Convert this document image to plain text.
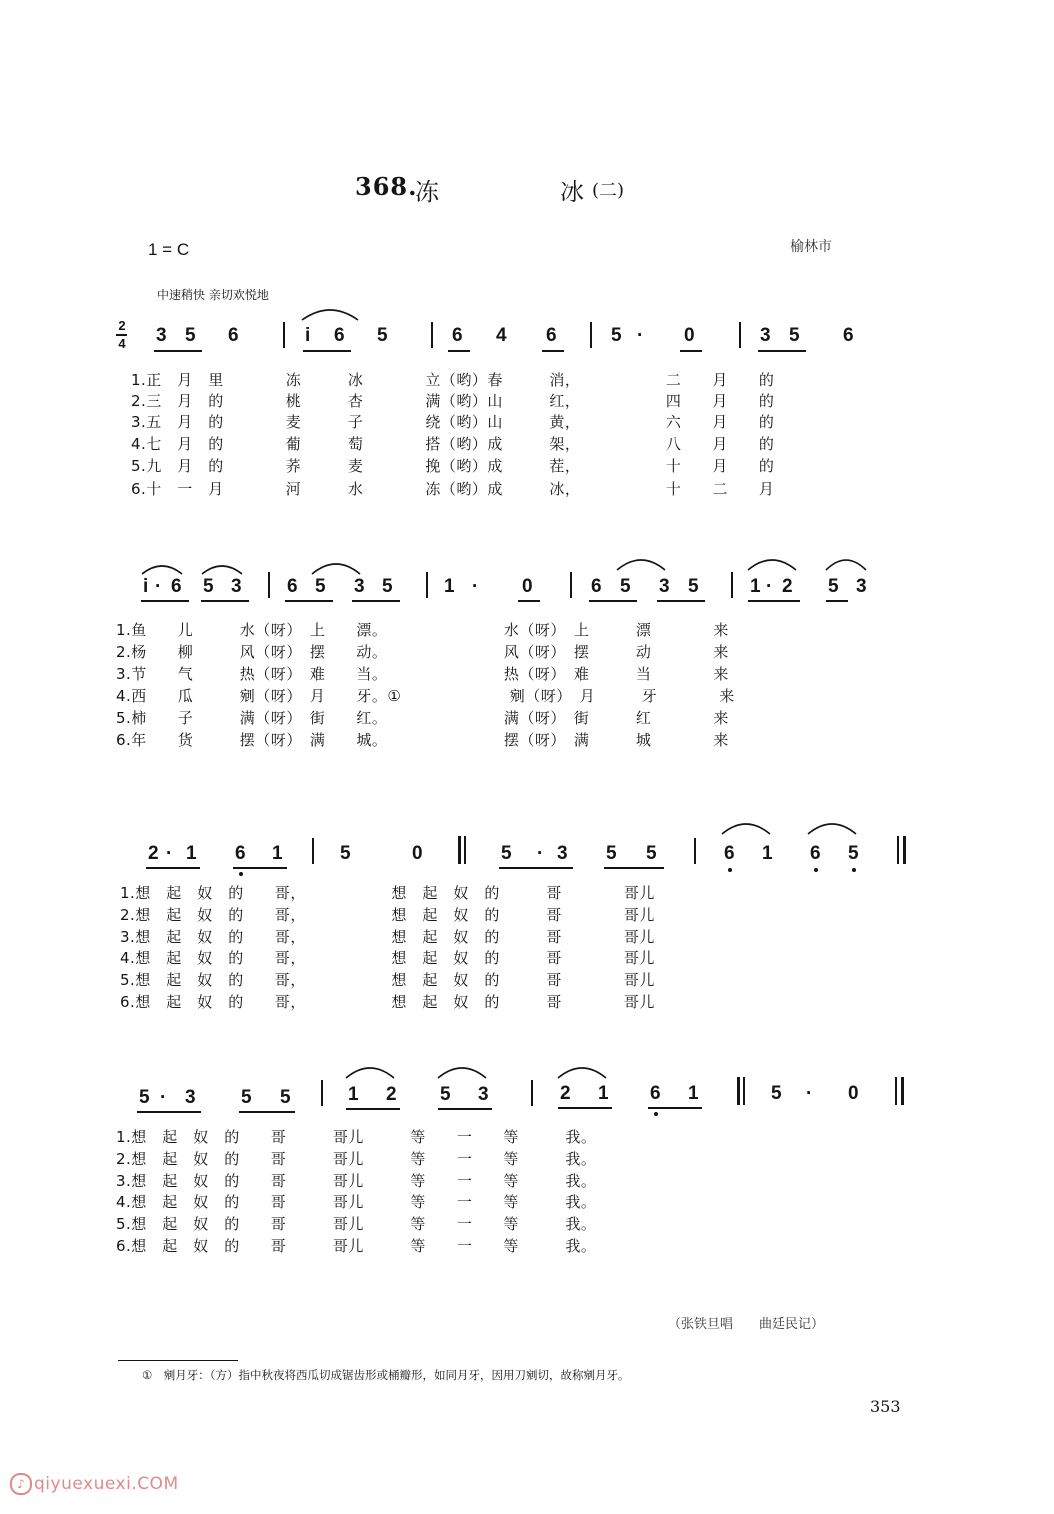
368.
冻	冰 (二)
1 = C	榆林市
中速稍快 亲切欢悦地
2
4 3 5 6	i 6 5	6 4 6	5 · 0	3 5 6
1.正　月　里　　　　冻　　　冰　　　　立（哟）春　　　消，　　　　　　二　　月　　的
2.三　月　的　　　　桃　　　杏　　　　满（哟）山　　　红，　　　　　　四　　月　　的
3.五　月　的　　　　麦　　　子　　　　绕（哟）山　　　黄，　　　　　　六　　月　　的
4.七　月　的　　　　葡　　　萄　　　　搭（哟）成　　　架，　　　　　　八　　月　　的
5.九　月　的　　　　荞　　　麦　　　　挽（哟）成　　　茬，　　　　　　十　　月　　的
6.十　一　月　　　　河　　　水　　　　冻（哟）成　　　冰，　　　　　　十　　二　　月
i · 6 5 3 6 5 3 5	1 · 0	6 5 3 5	1 · 2 5 3
1.鱼　　儿　　　水（呀）　上　　漂。　　　　　　　　水（呀）　上　　　漂　　　　来
2.杨　　柳　　　风（呀）　摆　　动。　　　　　　　　风（呀）　摆　　　动　　　　来
3.节　　气　　　热（呀）　难　　当。　　　　　　　　热（呀）　难　　　当　　　　来
4.西　　瓜　　　剜（呀）　月　　牙。①　　　　　　　剜（呀）　月　　　牙　　　　来
5.柿　　子　　　满（呀）　街　　红。　　　　　　　　满（呀）　街　　　红　　　　来
6.年　　货　　　摆（呀）　满　　城。　　　　　　　　摆（呀）　满　　　城　　　　来
2 · 1 6 1	5	0	5 · 3 5 5	6 1 6 5
1.想　起　奴　的　　哥，　　　　　　想　起　奴　的　　　哥　　　　哥儿
2.想　起　奴　的　　哥，　　　　　　想　起　奴　的　　　哥　　　　哥儿
3.想　起　奴　的　　哥，　　　　　　想　起　奴　的　　　哥　　　　哥儿
4.想　起　奴　的　　哥，　　　　　　想　起　奴　的　　　哥　　　　哥儿
5.想　起　奴　的　　哥，　　　　　　想　起　奴　的　　　哥　　　　哥儿
6.想　起　奴　的　　哥，　　　　　　想　起　奴　的　　　哥　　　　哥儿
5 · 3 5 5	1 2 5 3	2 1 6 1	5 · 0
1.想　起　奴　的　　哥　　　哥儿　　　等　　一　　等　　　我。
2.想　起　奴　的　　哥　　　哥儿　　　等　　一　　等　　　我。
3.想　起　奴　的　　哥　　　哥儿　　　等　　一　　等　　　我。
4.想　起　奴　的　　哥　　　哥儿　　　等　　一　　等　　　我。
5.想　起　奴　的　　哥　　　哥儿　　　等　　一　　等　　　我。
6.想　起　奴　的　　哥　　　哥儿　　　等　　一　　等　　　我。
（张铁旦唱　　曲廷民记）
①　剜月牙：（方）指中秋夜将西瓜切成锯齿形或桶瓣形，如同月牙，因用刀剜切，故称剜月牙。
353
♪ qiyuexuexi.COM
